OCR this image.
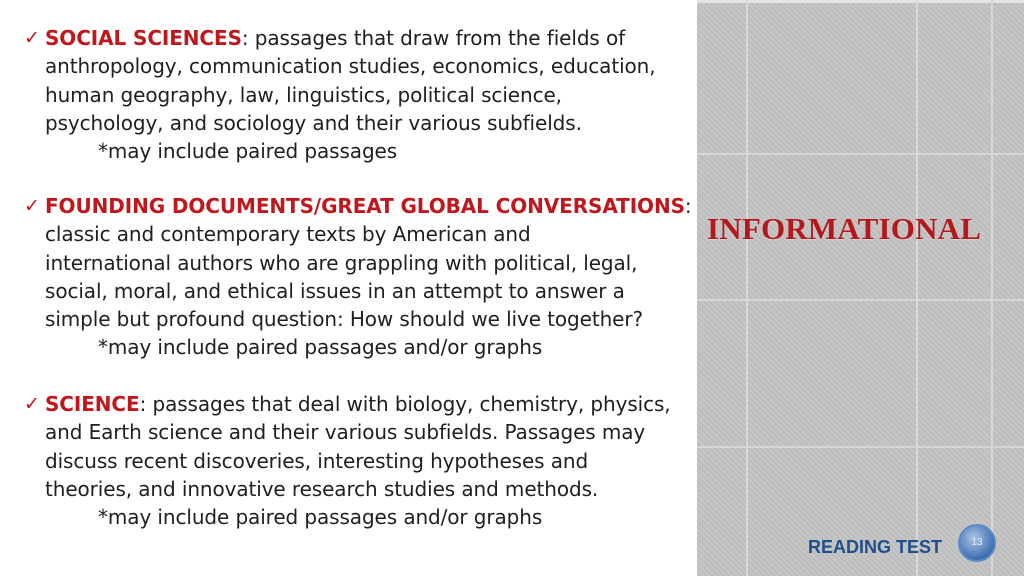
✓ SOCIAL SCIENCES: passages that draw from the fields of
anthropology, communication studies, economics, education,
human geography, law, linguistics, political science,
psychology, and sociology and their various subfields.
*may include paired passages
✓ FOUNDING DOCUMENTS/GREAT GLOBAL CONVERSATIONS:
classic and contemporary texts by American and
international authors who are grappling with political, legal,
social, moral, and ethical issues in an attempt to answer a
simple but profound question: How should we live together?
*may include paired passages and/or graphs
✓ SCIENCE: passages that deal with biology, chemistry, physics,
and Earth science and their various subfields. Passages may
discuss recent discoveries, interesting hypotheses and
theories, and innovative research studies and methods.
*may include paired passages and/or graphs
INFORMATIONAL
READING TEST	13
